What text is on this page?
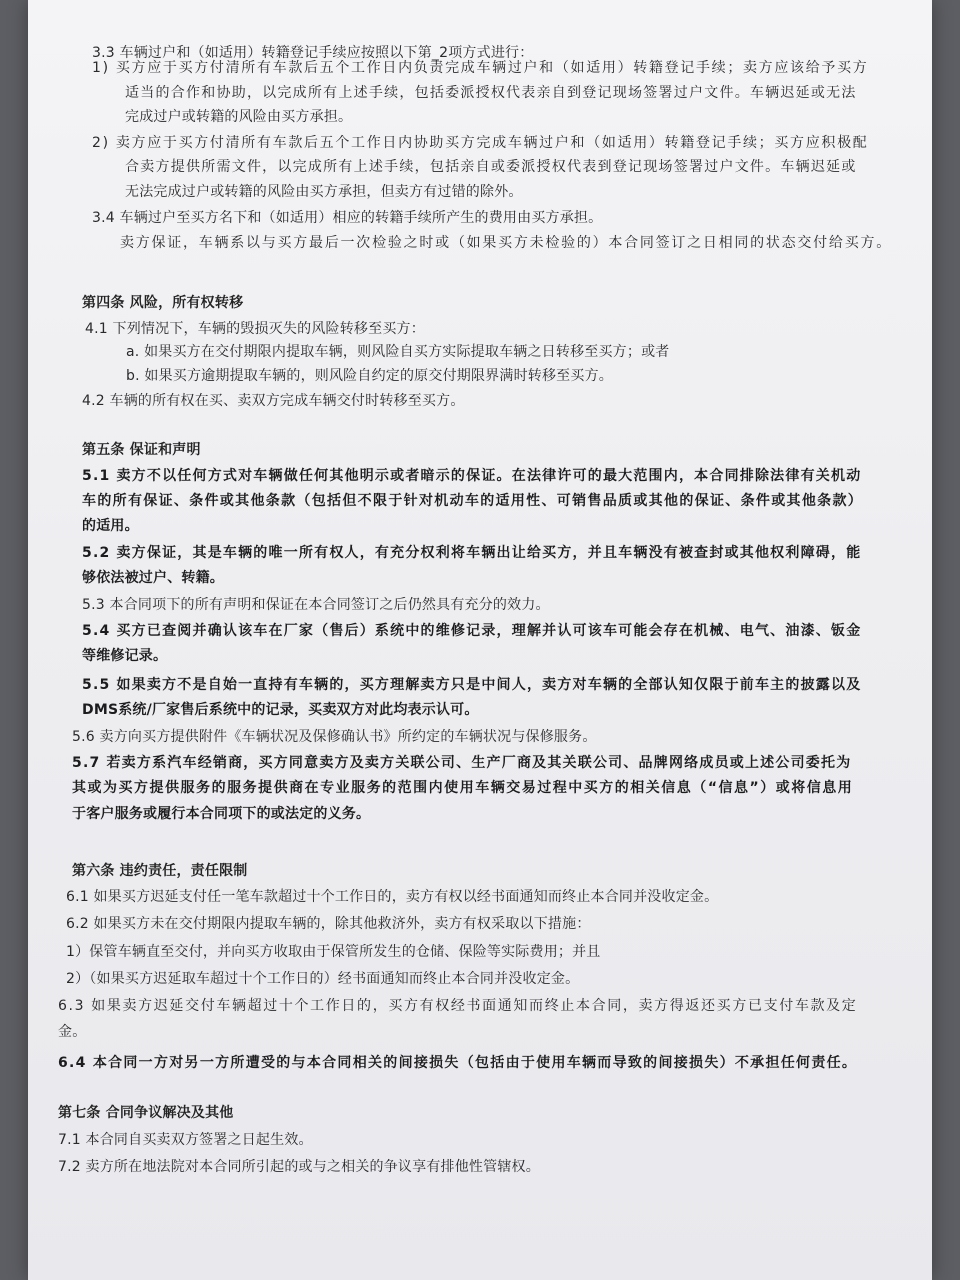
3.3 车辆过户和（如适用）转籍登记手续应按照以下第_2项方式进行：
1) 买方应于买方付清所有车款后五个工作日内负责完成车辆过户和（如适用）转籍登记手续；卖方应该给予买方
适当的合作和协助，以完成所有上述手续，包括委派授权代表亲自到登记现场签署过户文件。车辆迟延或无法
完成过户或转籍的风险由买方承担。
2) 卖方应于买方付清所有车款后五个工作日内协助买方完成车辆过户和（如适用）转籍登记手续；买方应积极配
合卖方提供所需文件，以完成所有上述手续，包括亲自或委派授权代表到登记现场签署过户文件。车辆迟延或
无法完成过户或转籍的风险由买方承担，但卖方有过错的除外。
3.4 车辆过户至买方名下和（如适用）相应的转籍手续所产生的费用由买方承担。
卖方保证，车辆系以与买方最后一次检验之时或（如果买方未检验的）本合同签订之日相同的状态交付给买方。
第四条 风险，所有权转移
4.1 下列情况下，车辆的毁损灭失的风险转移至买方：
a. 如果买方在交付期限内提取车辆，则风险自买方实际提取车辆之日转移至买方；或者
b. 如果买方逾期提取车辆的，则风险自约定的原交付期限界满时转移至买方。
4.2 车辆的所有权在买、卖双方完成车辆交付时转移至买方。
第五条 保证和声明
5.1 卖方不以任何方式对车辆做任何其他明示或者暗示的保证。在法律许可的最大范围内，本合同排除法律有关机动
车的所有保证、条件或其他条款（包括但不限于针对机动车的适用性、可销售品质或其他的保证、条件或其他条款）
的适用。
5.2 卖方保证，其是车辆的唯一所有权人，有充分权利将车辆出让给买方，并且车辆没有被查封或其他权利障碍，能
够依法被过户、转籍。
5.3 本合同项下的所有声明和保证在本合同签订之后仍然具有充分的效力。
5.4 买方已查阅并确认该车在厂家（售后）系统中的维修记录，理解并认可该车可能会存在机械、电气、油漆、钣金
等维修记录。
5.5 如果卖方不是自始一直持有车辆的，买方理解卖方只是中间人，卖方对车辆的全部认知仅限于前车主的披露以及
DMS系统/厂家售后系统中的记录，买卖双方对此均表示认可。
5.6 卖方向买方提供附件《车辆状况及保修确认书》所约定的车辆状况与保修服务。
5.7 若卖方系汽车经销商，买方同意卖方及卖方关联公司、生产厂商及其关联公司、品牌网络成员或上述公司委托为
其或为买方提供服务的服务提供商在专业服务的范围内使用车辆交易过程中买方的相关信息（“信息”）或将信息用
于客户服务或履行本合同项下的或法定的义务。
第六条 违约责任，责任限制
6.1 如果买方迟延支付任一笔车款超过十个工作日的，卖方有权以经书面通知而终止本合同并没收定金。
6.2 如果买方未在交付期限内提取车辆的，除其他救济外，卖方有权采取以下措施：
1）保管车辆直至交付，并向买方收取由于保管所发生的仓储、保险等实际费用；并且
2）（如果买方迟延取车超过十个工作日的）经书面通知而终止本合同并没收定金。
6.3 如果卖方迟延交付车辆超过十个工作日的，买方有权经书面通知而终止本合同，卖方得返还买方已支付车款及定
金。
6.4 本合同一方对另一方所遭受的与本合同相关的间接损失（包括由于使用车辆而导致的间接损失）不承担任何责任。
第七条 合同争议解决及其他
7.1 本合同自买卖双方签署之日起生效。
7.2 卖方所在地法院对本合同所引起的或与之相关的争议享有排他性管辖权。
